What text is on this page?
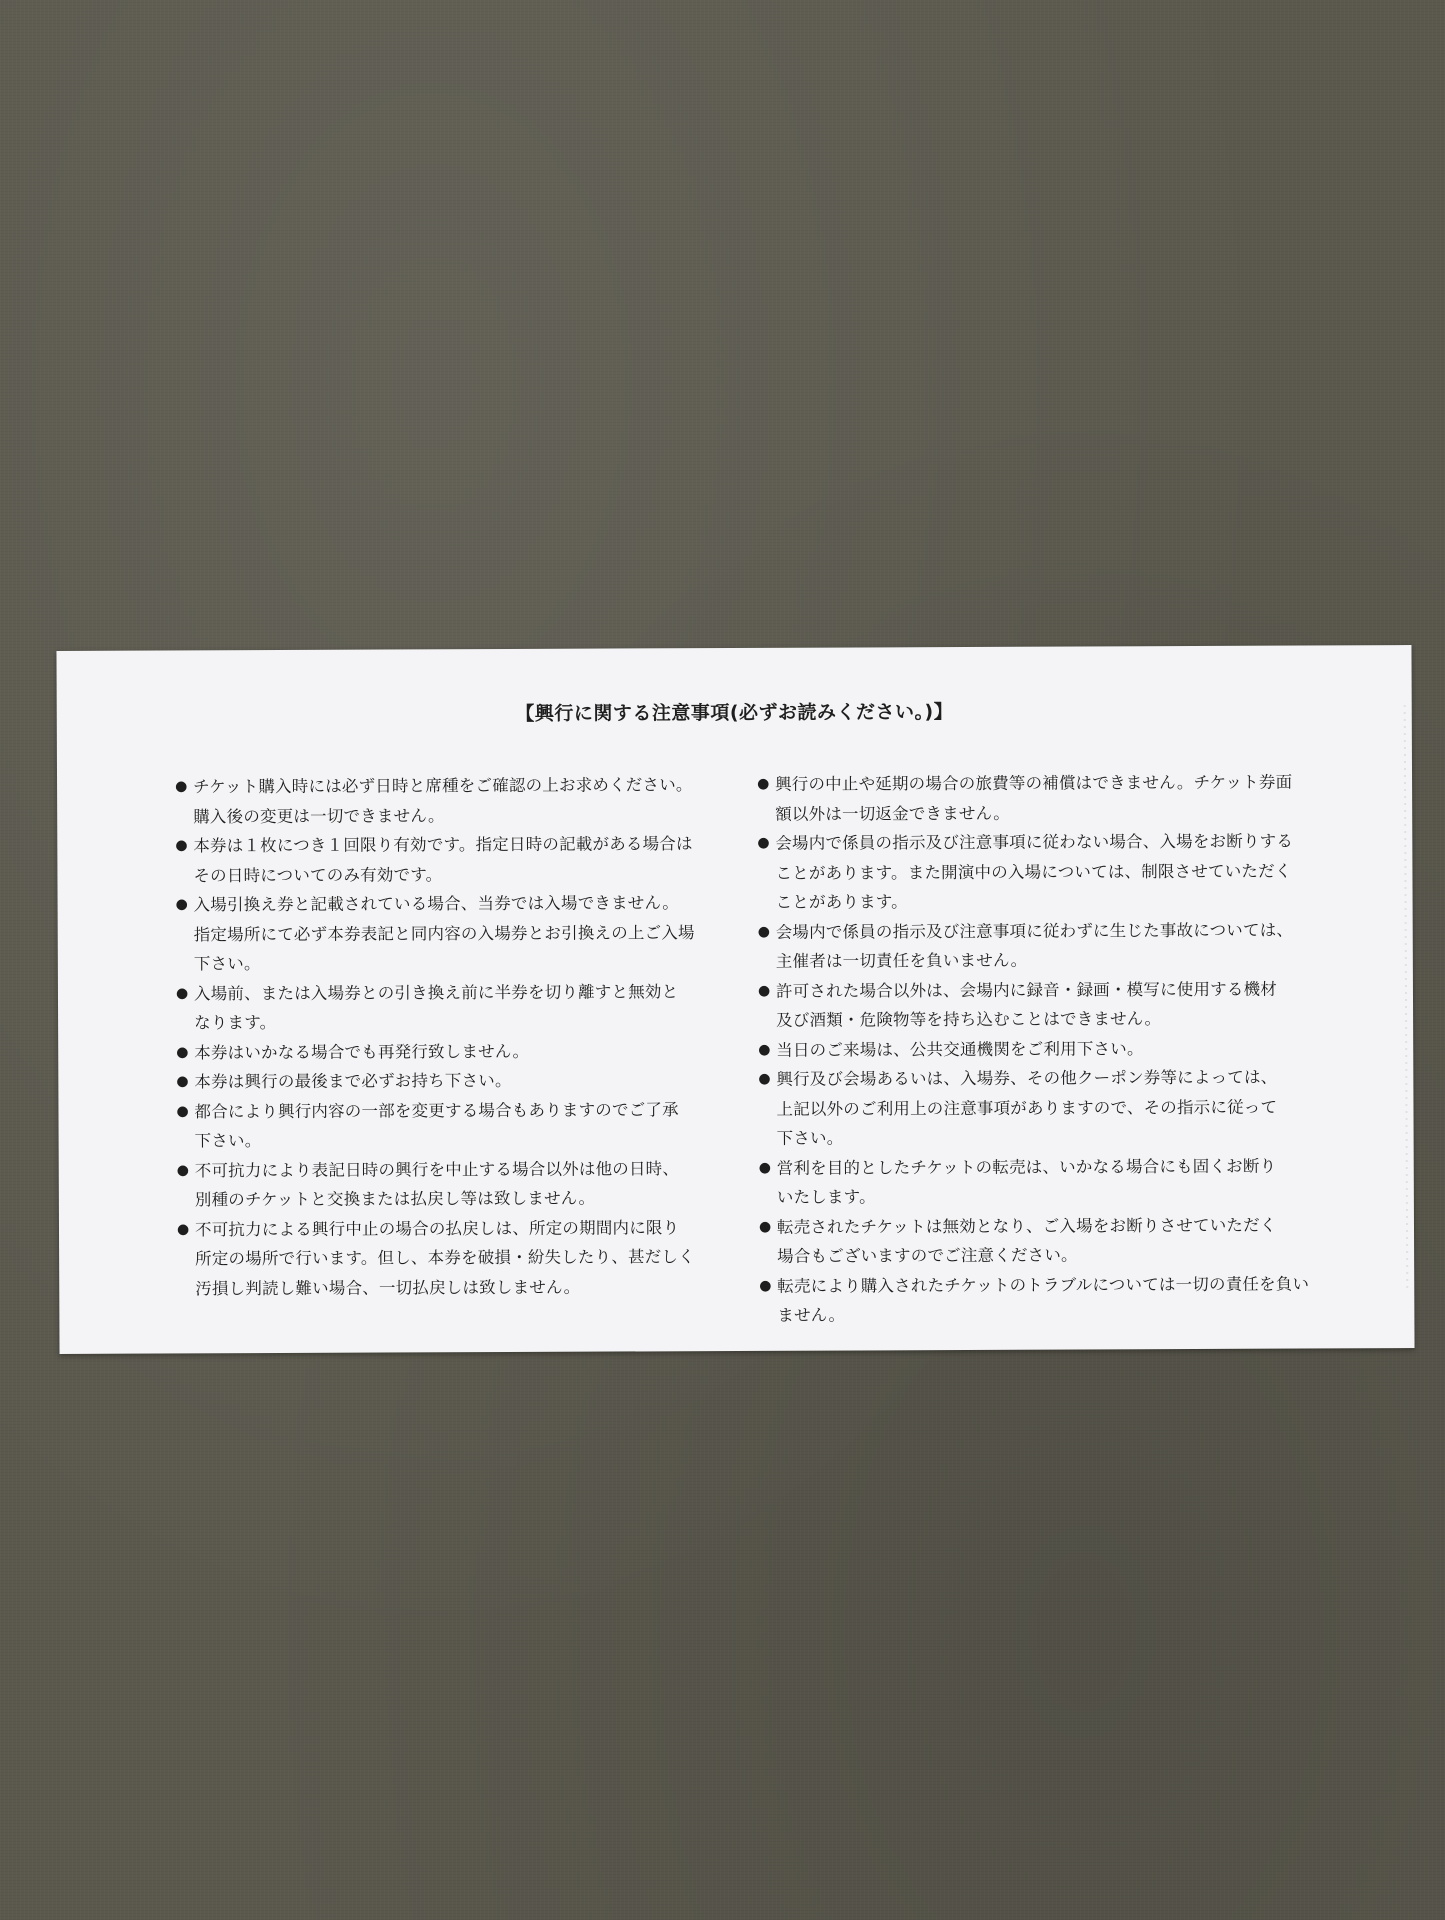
【興行に関する注意事項(必ずお読みください。)】
● チケット購入時には必ず日時と席種をご確認の上お求めください。
購入後の変更は一切できません。
● 本券は１枚につき１回限り有効です。指定日時の記載がある場合は
その日時についてのみ有効です。
● 入場引換え券と記載されている場合、当券では入場できません。
指定場所にて必ず本券表記と同内容の入場券とお引換えの上ご入場
下さい。
● 入場前、または入場券との引き換え前に半券を切り離すと無効と
なります。
● 本券はいかなる場合でも再発行致しません。
● 本券は興行の最後まで必ずお持ち下さい。
● 都合により興行内容の一部を変更する場合もありますのでご了承
下さい。
● 不可抗力により表記日時の興行を中止する場合以外は他の日時、
別種のチケットと交換または払戻し等は致しません。
● 不可抗力による興行中止の場合の払戻しは、所定の期間内に限り
所定の場所で行います。但し、本券を破損・紛失したり、甚だしく
汚損し判読し難い場合、一切払戻しは致しません。
● 興行の中止や延期の場合の旅費等の補償はできません。チケット券面
額以外は一切返金できません。
● 会場内で係員の指示及び注意事項に従わない場合、入場をお断りする
ことがあります。また開演中の入場については、制限させていただく
ことがあります。
● 会場内で係員の指示及び注意事項に従わずに生じた事故については、
主催者は一切責任を負いません。
● 許可された場合以外は、会場内に録音・録画・模写に使用する機材
及び酒類・危険物等を持ち込むことはできません。
● 当日のご来場は、公共交通機関をご利用下さい。
● 興行及び会場あるいは、入場券、その他クーポン券等によっては、
上記以外のご利用上の注意事項がありますので、その指示に従って
下さい。
● 営利を目的としたチケットの転売は、いかなる場合にも固くお断り
いたします。
● 転売されたチケットは無効となり、ご入場をお断りさせていただく
場合もございますのでご注意ください。
● 転売により購入されたチケットのトラブルについては一切の責任を負いません。
